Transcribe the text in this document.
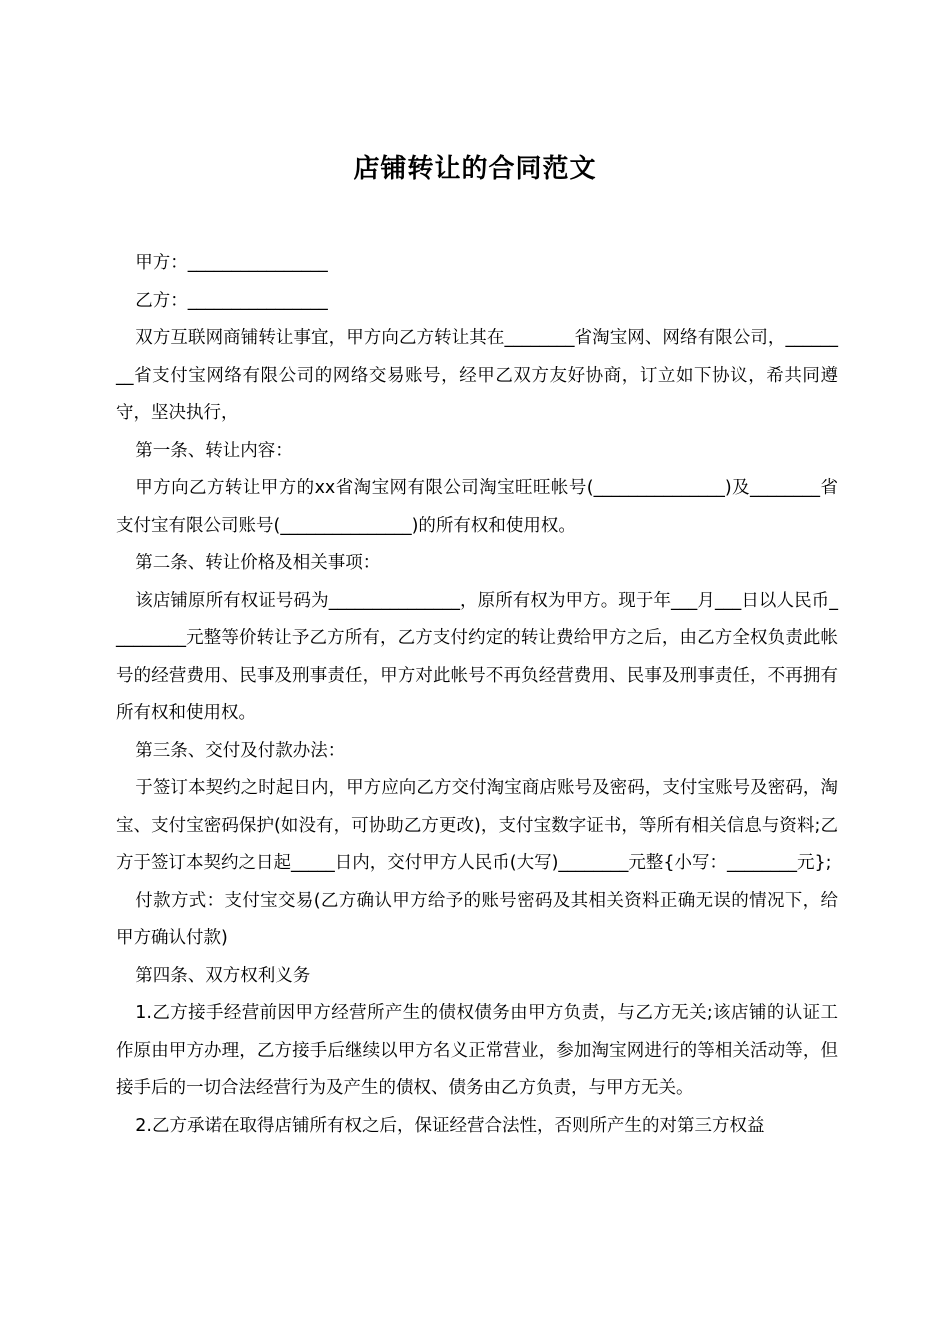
店铺转让的合同范文

甲方：________________

乙方：________________

双方互联网商铺转让事宜，甲方向乙方转让其在________省淘宝网、网络有限公司，________省支付宝网络有限公司的网络交易账号，经甲乙双方友好协商，订立如下协议，希共同遵守，坚决执行，

第一条、转让内容：

甲方向乙方转让甲方的xx省淘宝网有限公司淘宝旺旺帐号(_______________)及________省支付宝有限公司账号(_______________)的所有权和使用权。

第二条、转让价格及相关事项：

该店铺原所有权证号码为_______________，原所有权为甲方。现于年___月___日以人民币_________元整等价转让予乙方所有，乙方支付约定的转让费给甲方之后，由乙方全权负责此帐号的经营费用、民事及刑事责任，甲方对此帐号不再负经营费用、民事及刑事责任，不再拥有所有权和使用权。

第三条、交付及付款办法：

于签订本契约之时起日内，甲方应向乙方交付淘宝商店账号及密码，支付宝账号及密码，淘宝、支付宝密码保护(如没有，可协助乙方更改)，支付宝数字证书，等所有相关信息与资料;乙方于签订本契约之日起_____日内，交付甲方人民币(大写)________元整{小写：________元};

付款方式：支付宝交易(乙方确认甲方给予的账号密码及其相关资料正确无误的情况下，给甲方确认付款)

第四条、双方权利义务

1.乙方接手经营前因甲方经营所产生的债权债务由甲方负责，与乙方无关;该店铺的认证工作原由甲方办理，乙方接手后继续以甲方名义正常营业，参加淘宝网进行的等相关活动等，但接手后的一切合法经营行为及产生的债权、债务由乙方负责，与甲方无关。

2.乙方承诺在取得店铺所有权之后，保证经营合法性，否则所产生的对第三方权益
